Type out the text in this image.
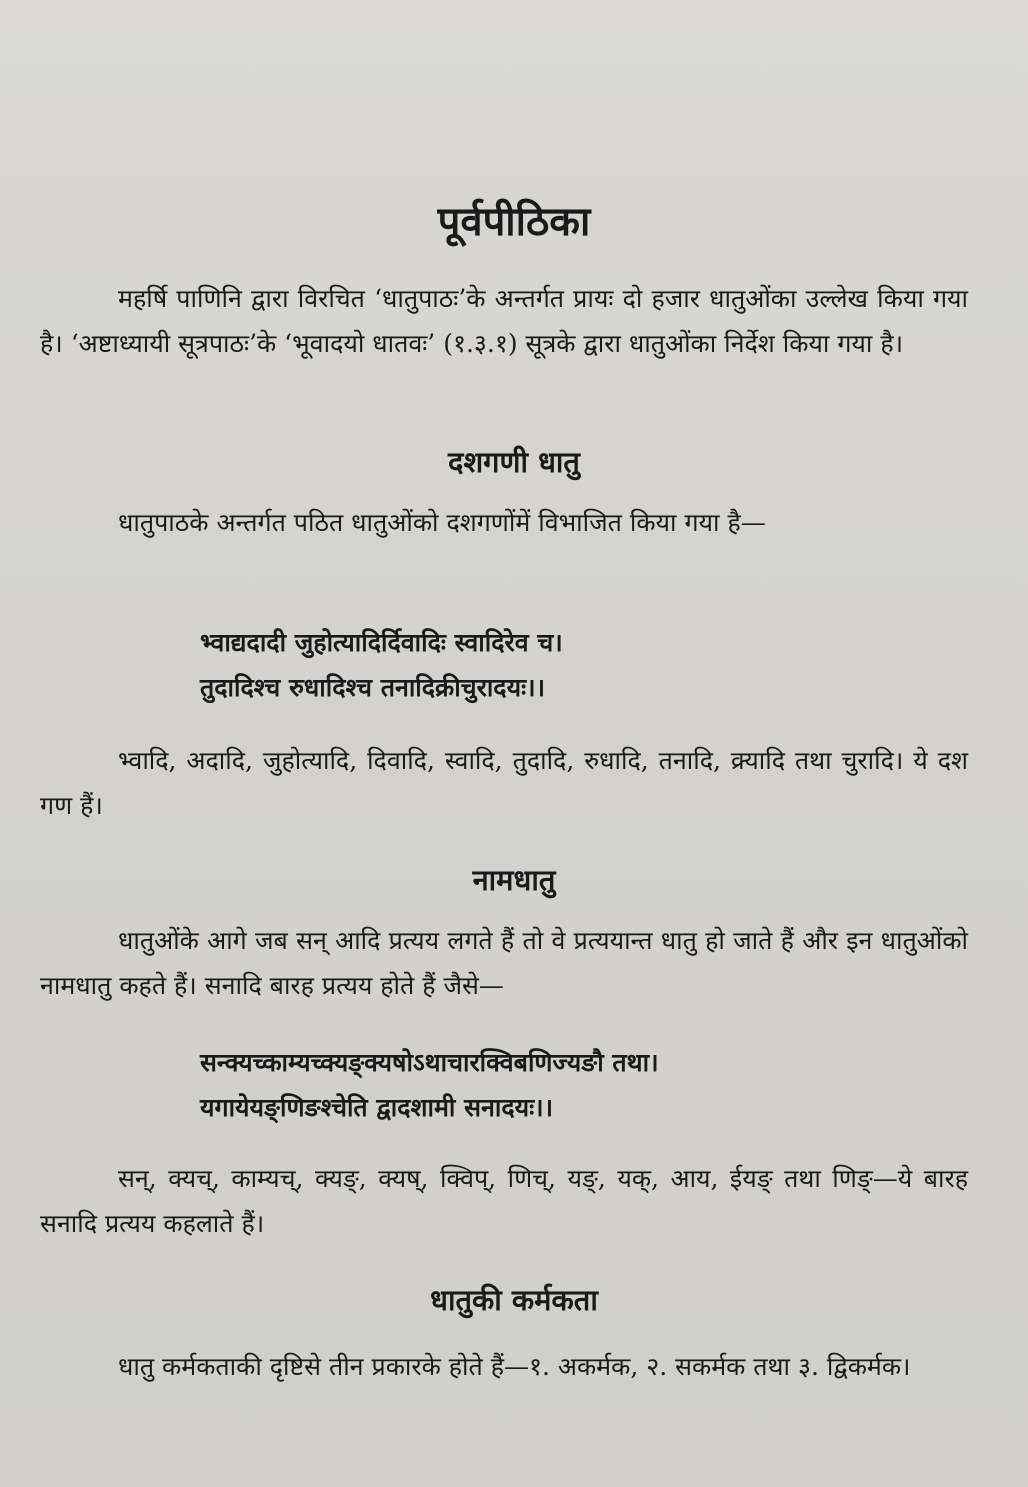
पूर्वपीठिका

महर्षि पाणिनि द्वारा विरचित ‘धातुपाठः’के अन्तर्गत प्रायः दो हजार धातुओंका उल्लेख किया गया है। ‘अष्टाध्यायी सूत्रपाठः’के ‘भूवादयो धातवः’ (१.३.१) सूत्रके द्वारा धातुओंका निर्देश किया गया है।

दशगणी धातु

धातुपाठके अन्तर्गत पठित धातुओंको दशगणोंमें विभाजित किया गया है—

भ्वाद्यदादी जुहोत्यादिर्दिवादिः स्वादिरेव च।
तुदादिश्च रुधादिश्च तनादिक्रीचुरादयः।।

भ्वादि, अदादि, जुहोत्यादि, दिवादि, स्वादि, तुदादि, रुधादि, तनादि, क्र्यादि तथा चुरादि। ये दश गण हैं।

नामधातु

धातुओंके आगे जब सन् आदि प्रत्यय लगते हैं तो वे प्रत्ययान्त धातु हो जाते हैं और इन धातुओंको नामधातु कहते हैं। सनादि बारह प्रत्यय होते हैं जैसे—

सन्क्यच्काम्यच्क्यङ्क्यषोऽथाचारक्विबणिज्यङौ तथा।
यगायेयङ्णिङश्चेति द्वादशामी सनादयः।।

सन्, क्यच्, काम्यच्, क्यङ्, क्यष्, क्विप्, णिच्, यङ्, यक्, आय, ईयङ् तथा णिङ्—ये बारह सनादि प्रत्यय कहलाते हैं।

धातुकी कर्मकता

धातु कर्मकताकी दृष्टिसे तीन प्रकारके होते हैं—१. अकर्मक, २. सकर्मक तथा ३. द्विकर्मक।
